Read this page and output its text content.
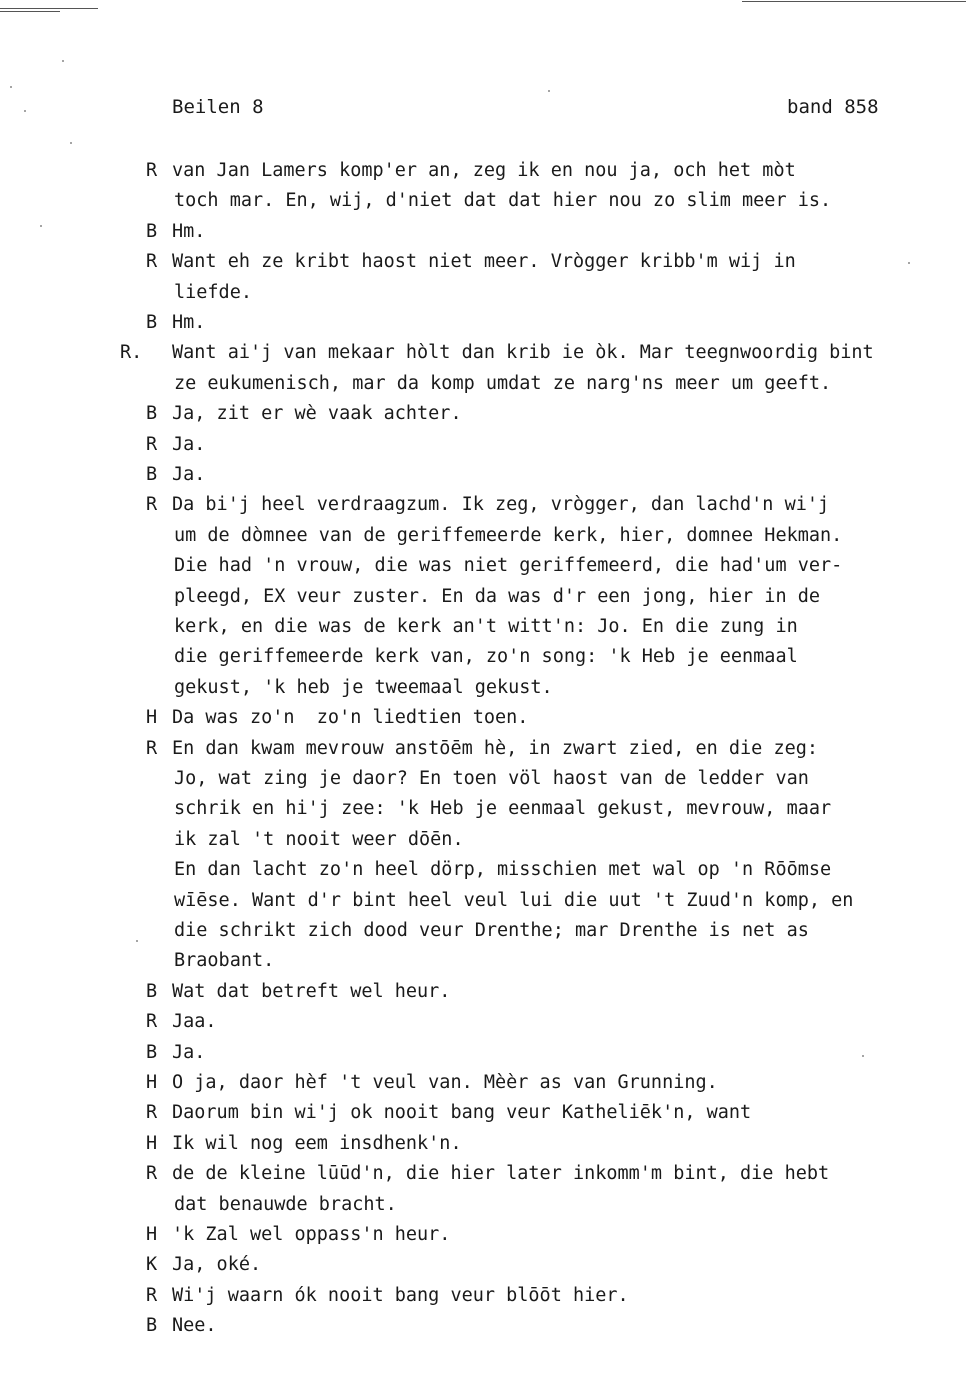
Beilen 8	band 858
R van Jan Lamers komp'er an, zeg ik en nou ja, och het mòt
toch mar. En, wij, d'niet dat dat hier nou zo slim meer is.
B Hm.
R Want eh ze kribt haost niet meer. Vrògger kribb'm wij in
liefde.
B Hm.
R. Want ai'j van mekaar hòlt dan krib ie òk. Mar teegnwoordig bint
ze eukumenisch, mar da komp umdat ze narg'ns meer um geeft.
B Ja, zit er wè vaak achter.
R Ja.
B Ja.
R Da bi'j heel verdraagzum. Ik zeg, vrògger, dan lachd'n wi'j
um de dòmnee van de geriffemeerde kerk, hier, domnee Hekman.
Die had 'n vrouw, die was niet geriffemeerd, die had'um ver-
pleegd, EX veur zuster. En da was d'r een jong, hier in de
kerk, en die was de kerk an't witt'n: Jo. En die zung in
die geriffemeerde kerk van, zo'n song: 'k Heb je eenmaal
gekust, 'k heb je tweemaal gekust.
H Da was zo'n  zo'n liedtien toen.
R En dan kwam mevrouw anstōēm hè, in zwart zied, en die zeg:
Jo, wat zing je daor? En toen völ haost van de ledder van
schrik en hi'j zee: 'k Heb je eenmaal gekust, mevrouw, maar
ik zal 't nooit weer dōēn.
En dan lacht zo'n heel dörp, misschien met wal op 'n Rōōmse
wīēse. Want d'r bint heel veul lui die uut 't Zuud'n komp, en
die schrikt zich dood veur Drenthe; mar Drenthe is net as
Braobant.
B Wat dat betreft wel heur.
R Jaa.
B Ja.
H O ja, daor hèf 't veul van. Mèèr as van Grunning.
R Daorum bin wi'j ok nooit bang veur Katheliēk'n, want
H Ik wil nog eem insdhenk'n.
R de de kleine lūūd'n, die hier later inkomm'm bint, die hebt
dat benauwde bracht.
H 'k Zal wel oppass'n heur.
K Ja, oké.
R Wi'j waarn ók nooit bang veur blōōt hier.
B Nee.
